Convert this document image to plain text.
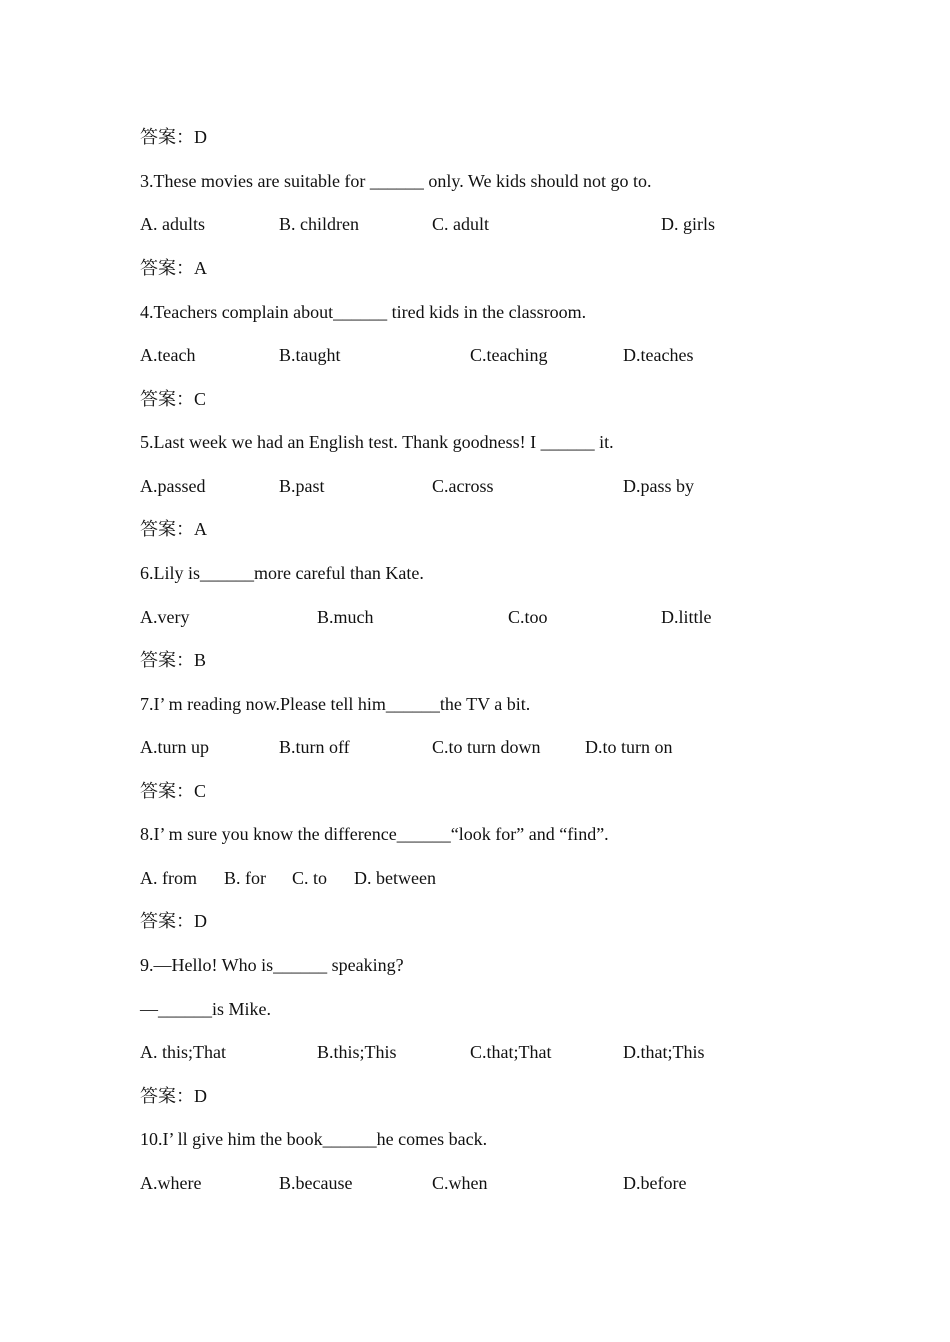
答案：D
3.These movies are suitable for ______ only. We kids should not go to.
A. adults	B. children	C. adult	D. girls
答案：A
4.Teachers complain about______ tired kids in the classroom.
A.teach	B.taught	C.teaching	D.teaches
答案：C
5.Last week we had an English test. Thank goodness! I ______ it.
A.passed	B.past	C.across	D.pass by
答案：A
6.Lily is______more careful than Kate.
A.very	B.much	C.too	D.little
答案：B
7.I’ m reading now.Please tell him______the TV a bit.
A.turn up	B.turn off	C.to turn down D.to turn on
答案：C
8.I’ m sure you know the difference______“look for” and “find”.
A. from B. for C. to D. between
答案：D
9.—Hello! Who is______ speaking?
—______is Mike.
A. this;That	B.this;This	C.that;That	D.that;This
答案：D
10.I’ ll give him the book______he comes back.
A.where	B.because	C.when	D.before
